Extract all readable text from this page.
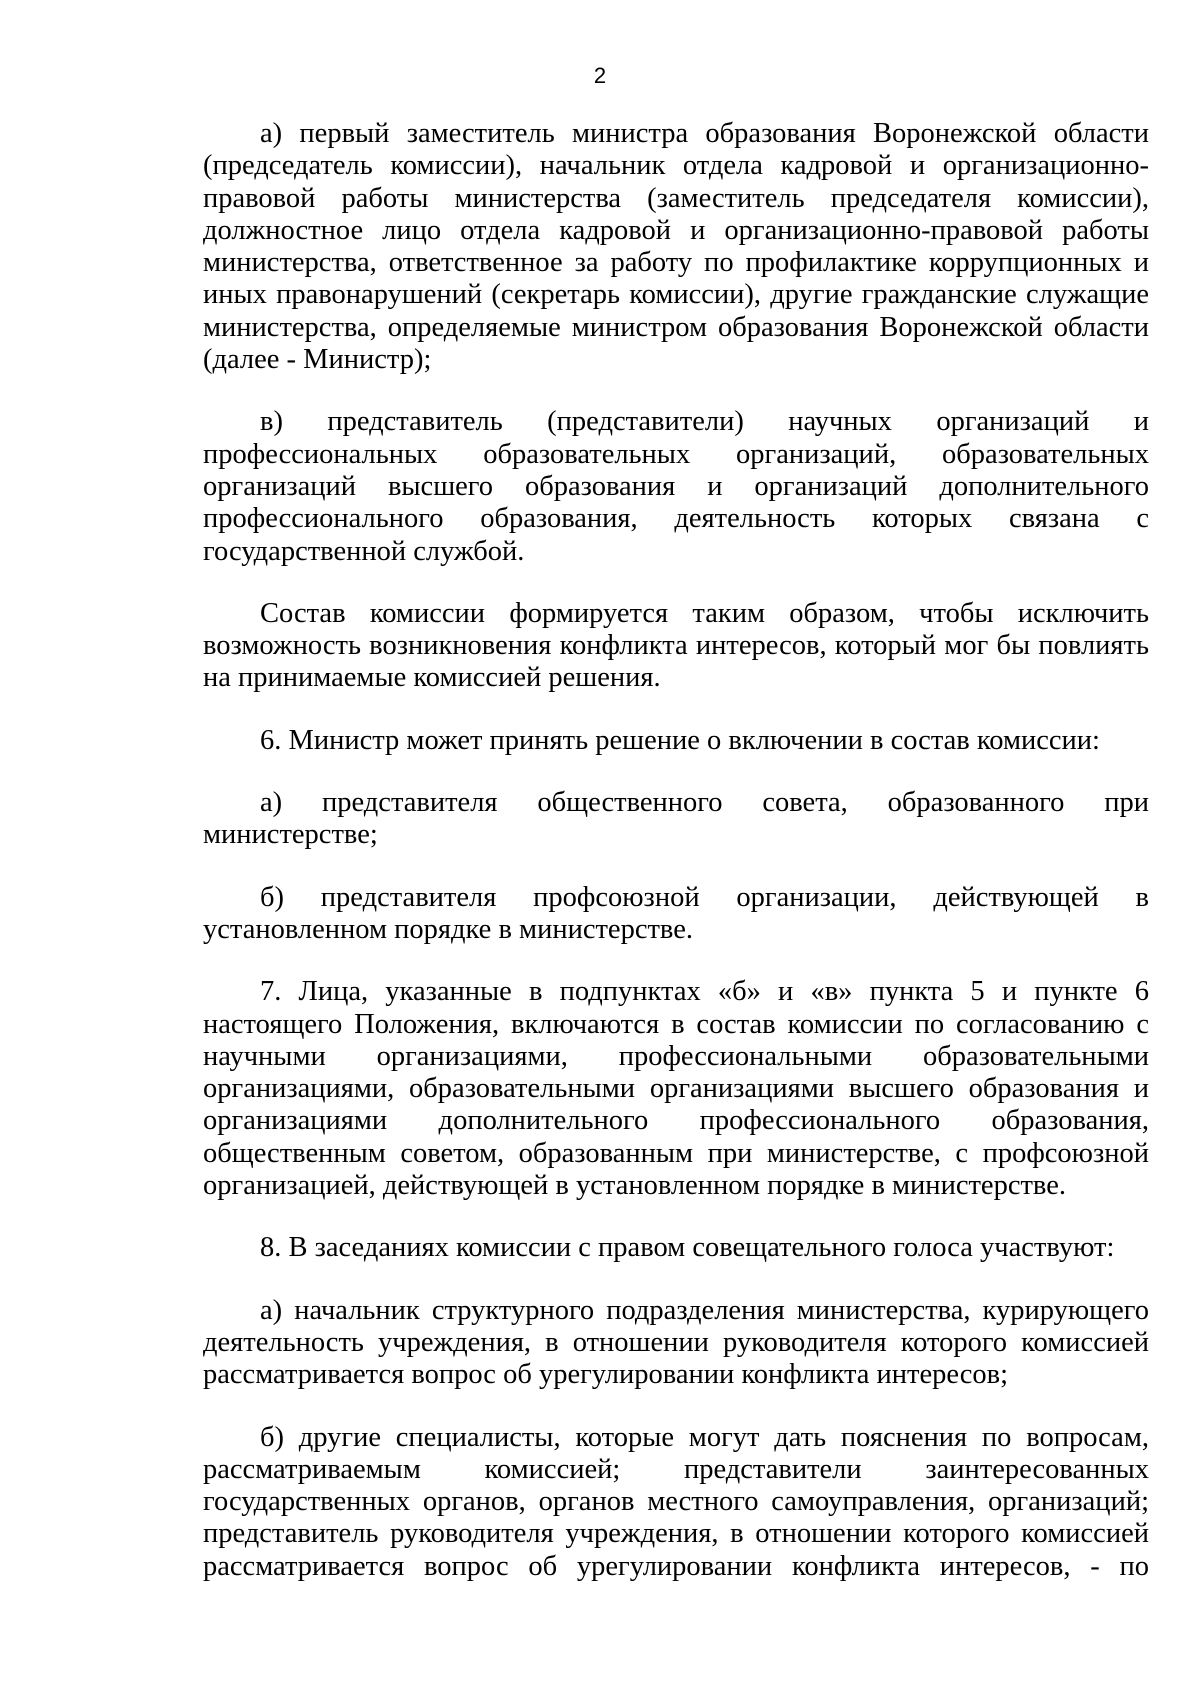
2

а) первый заместитель министра образования Воронежской области (председатель комиссии), начальник отдела кадровой и организационно-правовой работы министерства (заместитель председателя комиссии), должностное лицо отдела кадровой и организационно-правовой работы министерства, ответственное за работу по профилактике коррупционных и иных правонарушений (секретарь комиссии), другие гражданские служащие министерства, определяемые министром образования Воронежской области (далее - Министр);

в) представитель (представители) научных организаций и профессиональных образовательных организаций, образовательных организаций высшего образования и организаций дополнительного профессионального образования, деятельность которых связана с государственной службой.

Состав комиссии формируется таким образом, чтобы исключить возможность возникновения конфликта интересов, который мог бы повлиять на принимаемые комиссией решения.

6. Министр может принять решение о включении в состав комиссии:

а) представителя общественного совета, образованного при министерстве;

б) представителя профсоюзной организации, действующей в установленном порядке в министерстве.

7. Лица, указанные в подпунктах «б» и «в» пункта 5 и пункте 6 настоящего Положения, включаются в состав комиссии по согласованию с научными организациями, профессиональными образовательными организациями, образовательными организациями высшего образования и организациями дополнительного профессионального образования, общественным советом, образованным при министерстве, с профсоюзной организацией, действующей в установленном порядке в министерстве.

8. В заседаниях комиссии с правом совещательного голоса участвуют:

а) начальник структурного подразделения министерства, курирующего деятельность учреждения, в отношении руководителя которого комиссией рассматривается вопрос об урегулировании конфликта интересов;

б) другие специалисты, которые могут дать пояснения по вопросам, рассматриваемым комиссией; представители заинтересованных государственных органов, органов местного самоуправления, организаций; представитель руководителя учреждения, в отношении которого комиссией рассматривается вопрос об урегулировании конфликта интересов, - по
